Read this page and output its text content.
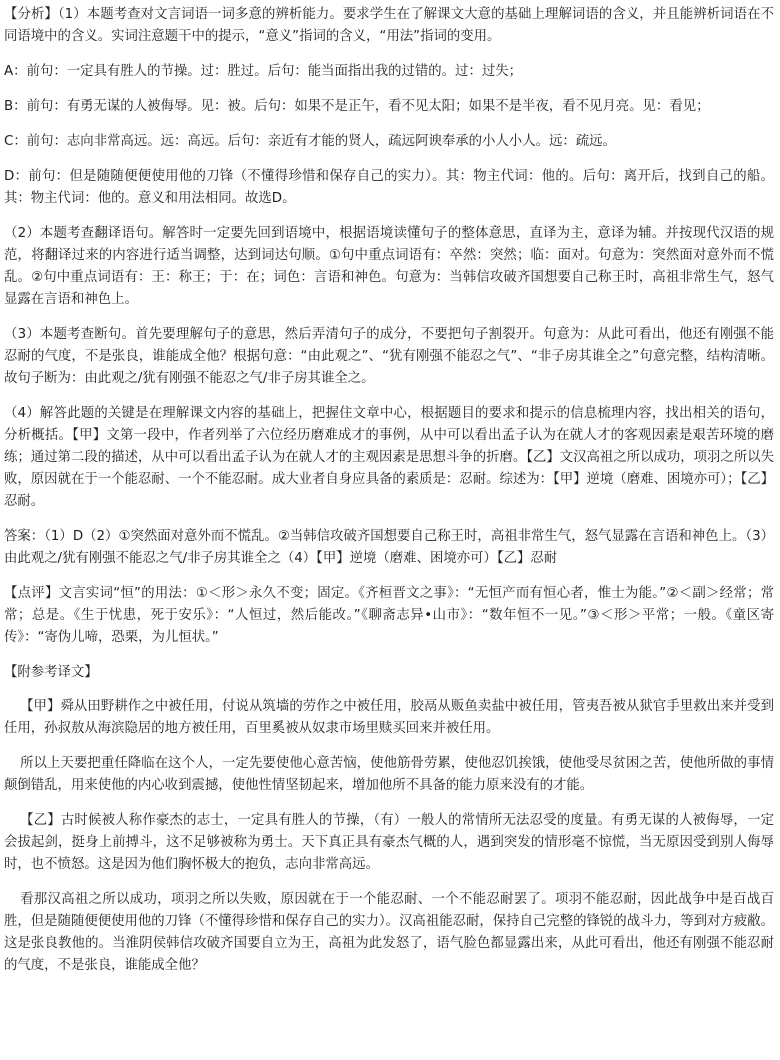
【分析】（1）本题考查对文言词语一词多意的辨析能力。要求学生在了解课文大意的基础上理解词语的含义，并且能辨析词语在不同语境中的含义。实词注意题干中的提示，“意义”指词的含义，“用法”指词的变用。

A：前句：一定具有胜人的节操。过：胜过。后句：能当面指出我的过错的。过：过失；

B：前句：有勇无谋的人被侮辱。见：被。后句：如果不是正午，看不见太阳；如果不是半夜，看不见月亮。见：看见；

C：前句：志向非常高远。远：高远。后句：亲近有才能的贤人，疏远阿谀奉承的小人小人。远：疏远。

D：前句：但是随随便便使用他的刀锋（不懂得珍惜和保存自己的实力）。其：物主代词：他的。后句：离开后，找到自己的船。其：物主代词：他的。意义和用法相同。故选D。

（2）本题考查翻译语句。解答时一定要先回到语境中，根据语境读懂句子的整体意思，直译为主，意译为辅。并按现代汉语的规范，将翻译过来的内容进行适当调整，达到词达句顺。①句中重点词语有：卒然：突然；临：面对。句意为：突然面对意外而不慌乱。②句中重点词语有：王：称王；于：在；词色：言语和神色。句意为：当韩信攻破齐国想要自己称王时，高祖非常生气，怒气显露在言语和神色上。

（3）本题考查断句。首先要理解句子的意思，然后弄清句子的成分，不要把句子割裂开。句意为：从此可看出，他还有刚强不能忍耐的气度，不是张良，谁能成全他？根据句意：“由此观之”、“犹有刚强不能忍之气”、“非子房其谁全之”句意完整，结构清晰。故句子断为：由此观之/犹有刚强不能忍之气/非子房其谁全之。

（4）解答此题的关键是在理解课文内容的基础上，把握住文章中心，根据题目的要求和提示的信息梳理内容，找出相关的语句，分析概括。【甲】文第一段中，作者列举了六位经历磨难成才的事例，从中可以看出孟子认为在就人才的客观因素是艰苦环境的磨练；通过第二段的描述，从中可以看出孟子认为在就人才的主观因素是思想斗争的折磨。【乙】文汉高祖之所以成功，项羽之所以失败，原因就在于一个能忍耐、一个不能忍耐。成大业者自身应具备的素质是：忍耐。综述为：【甲】逆境（磨难、困境亦可）；【乙】忍耐。

答案：（1）D（2）①突然面对意外而不慌乱。②当韩信攻破齐国想要自己称王时，高祖非常生气，怒气显露在言语和神色上。（3）由此观之/犹有刚强不能忍之气/非子房其谁全之（4）【甲】逆境（磨难、困境亦可）【乙】忍耐

【点评】文言实词“恒”的用法：①＜形＞永久不变；固定。《齐桓晋文之事》：“无恒产而有恒心者，惟士为能。”②＜副＞经常；常常；总是。《生于忧患，死于安乐》：“人恒过，然后能改。”《聊斋志异•山市》：“数年恒不一见。”③＜形＞平常；一般。《童区寄传》：“寄伪儿啼，恐栗，为儿恒状。”

【附参考译文】

【甲】舜从田野耕作之中被任用，付说从筑墙的劳作之中被任用，胶鬲从贩鱼卖盐中被任用，管夷吾被从狱官手里救出来并受到任用，孙叔敖从海滨隐居的地方被任用，百里奚被从奴隶市场里赎买回来并被任用。

所以上天要把重任降临在这个人，一定先要使他心意苦恼，使他筋骨劳累，使他忍饥挨饿，使他受尽贫困之苦，使他所做的事情颠倒错乱，用来使他的内心收到震撼，使他性情坚韧起来，增加他所不具备的能力原来没有的才能。

【乙】古时候被人称作豪杰的志士，一定具有胜人的节操，（有）一般人的常情所无法忍受的度量。有勇无谋的人被侮辱，一定会拔起剑，挺身上前搏斗，这不足够被称为勇士。天下真正具有豪杰气概的人，遇到突发的情形毫不惊慌，当无原因受到别人侮辱时，也不愤怒。这是因为他们胸怀极大的抱负，志向非常高远。

看那汉高祖之所以成功，项羽之所以失败，原因就在于一个能忍耐、一个不能忍耐罢了。项羽不能忍耐，因此战争中是百战百胜，但是随随便便使用他的刀锋（不懂得珍惜和保存自己的实力）。汉高祖能忍耐，保持自己完整的锋锐的战斗力，等到对方疲敝。这是张良教他的。当淮阴侯韩信攻破齐国要自立为王，高祖为此发怒了，语气脸色都显露出来，从此可看出，他还有刚强不能忍耐的气度，不是张良，谁能成全他？
